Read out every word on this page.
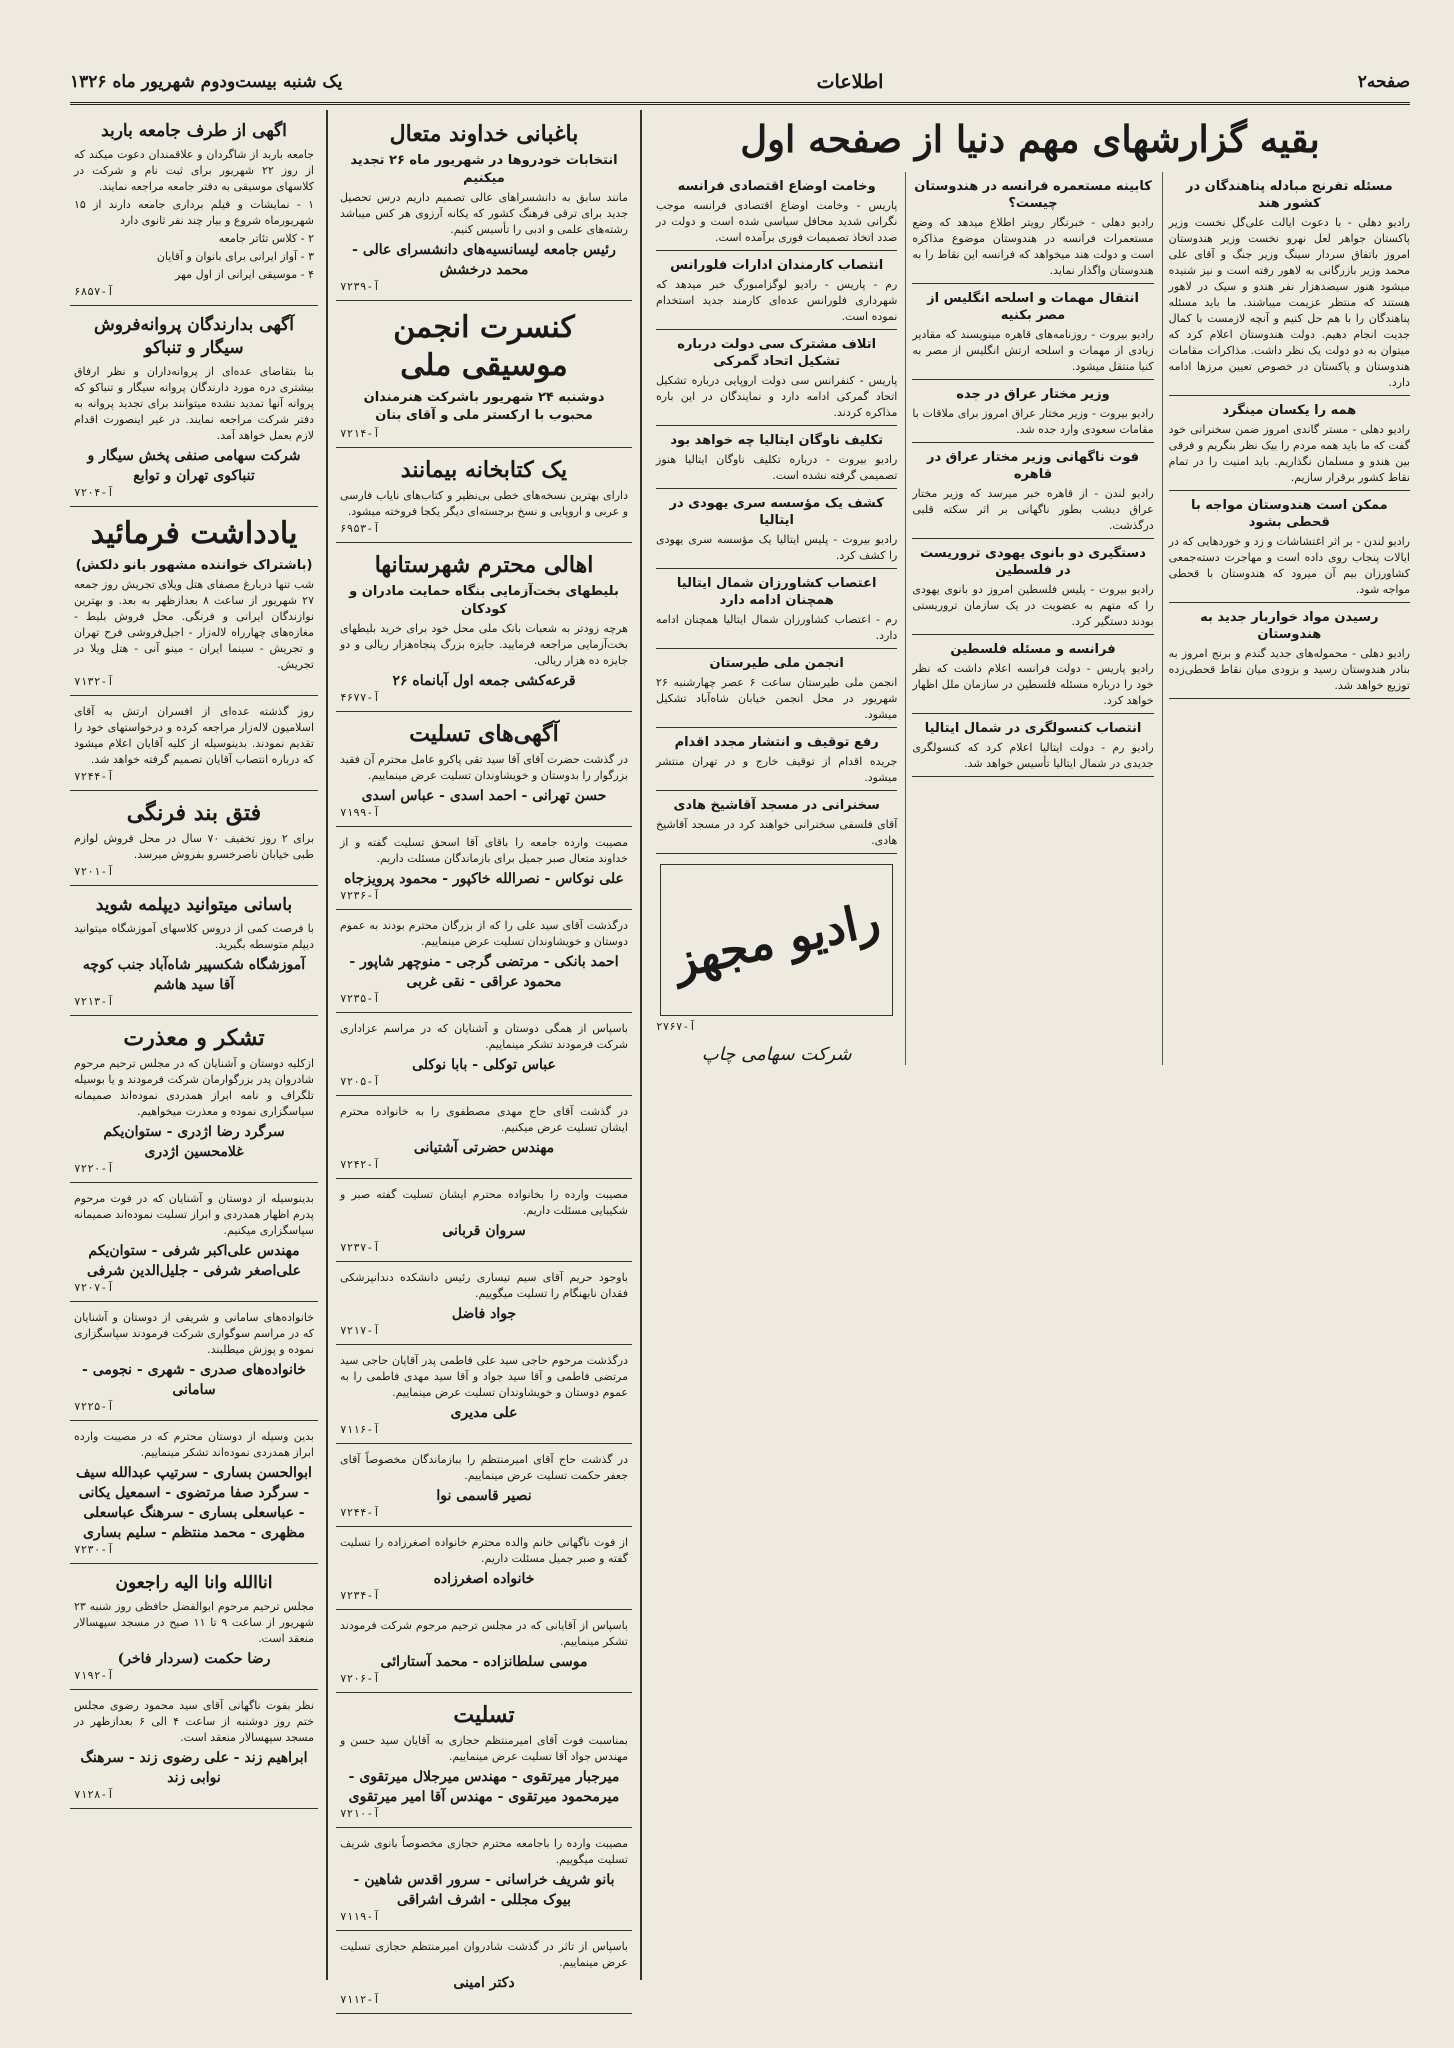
صفحه۲
اطلاعات
یک شنبه بیست‌ودوم شهریور ماه ۱۳۲۶
بقیه گزارشهای مهم دنیا از صفحه اول
مسئله تفرنج مبادله پناهندگان در کشور هند
رادیو دهلی - با دعوت ایالت علی‌گل نخست وزیر پاکستان جواهر لعل نهرو نخست وزیر هندوستان امروز باتفاق سردار سینگ وزیر جنگ و آقای علی محمد وزیر بازرگانی به لاهور رفته است و نیز شنیده میشود هنوز سیصدهزار نفر هندو و سیک در لاهور هستند که منتظر عزیمت میباشند. ما باید مسئله پناهندگان را با هم حل کنیم و آنچه لازمست با کمال جدیت انجام دهیم. دولت هندوستان اعلام کرد که میتوان به دو دولت یک نظر داشت. مذاکرات مقامات هندوستان و پاکستان در خصوص تعیین مرزها ادامه دارد.
همه را یکسان مینگرد
رادیو دهلی - مستر گاندی امروز ضمن سخنرانی خود گفت که ما باید همه مردم را بیک نظر بنگریم و فرقی بین هندو و مسلمان نگذاریم. باید امنیت را در تمام نقاط کشور برقرار سازیم.
ممکن است هندوستان مواجه با قحطی بشود
رادیو لندن - بر اثر اغتشاشات و زد و خوردهایی که در ایالات پنجاب روی داده است و مهاجرت دسته‌جمعی کشاورزان بیم آن میرود که هندوستان با قحطی مواجه شود.
رسیدن مواد خواربار جدید به هندوستان
رادیو دهلی - محموله‌های جدید گندم و برنج امروز به بنادر هندوستان رسید و بزودی میان نقاط قحطی‌زده توزیع خواهد شد.
کابینه مستعمره فرانسه در هندوستان چیست؟
رادیو دهلی - خبرنگار رویتر اطلاع میدهد که وضع مستعمرات فرانسه در هندوستان موضوع مذاکره است و دولت هند میخواهد که فرانسه این نقاط را به هندوستان واگذار نماید.
انتقال مهمات و اسلحه انگلیس از مصر بکنیه
رادیو بیروت - روزنامه‌های قاهره مینویسند که مقادیر زیادی از مهمات و اسلحه ارتش انگلیس از مصر به کنیا منتقل میشود.
وزیر مختار عراق در جده
رادیو بیروت - وزیر مختار عراق امروز برای ملاقات با مقامات سعودی وارد جده شد.
فوت ناگهانی وزیر مختار عراق در قاهره
رادیو لندن - از قاهره خبر میرسد که وزیر مختار عراق دیشب بطور ناگهانی بر اثر سکته قلبی درگذشت.
دستگیری دو بانوی یهودی تروریست در فلسطین
رادیو بیروت - پلیس فلسطین امروز دو بانوی یهودی را که متهم به عضویت در یک سازمان تروریستی بودند دستگیر کرد.
فرانسه و مسئله فلسطین
رادیو پاریس - دولت فرانسه اعلام داشت که نظر خود را درباره مسئله فلسطین در سازمان ملل اظهار خواهد کرد.
انتصاب کنسولگری در شمال ایتالیا
رادیو رم - دولت ایتالیا اعلام کرد که کنسولگری جدیدی در شمال ایتالیا تأسیس خواهد شد.
وخامت اوضاع اقتصادی فرانسه
پاریس - وخامت اوضاع اقتصادی فرانسه موجب نگرانی شدید محافل سیاسی شده است و دولت در صدد اتخاذ تصمیمات فوری برآمده است.
انتصاب کارمندان ادارات فلورانس
رم - پاریس - رادیو لوگزامبورگ خبر میدهد که شهرداری فلورانس عده‌ای کارمند جدید استخدام نموده است.
اتلاف مشترک سی دولت درباره تشکیل اتحاد گمرکی
پاریس - کنفرانس سی دولت اروپایی درباره تشکیل اتحاد گمرکی ادامه دارد و نمایندگان در این باره مذاکره کردند.
تکلیف ناوگان ایتالیا چه خواهد بود
رادیو بیروت - درباره تکلیف ناوگان ایتالیا هنوز تصمیمی گرفته نشده است.
کشف یک مؤسسه سری یهودی در ایتالیا
رادیو بیروت - پلیس ایتالیا یک مؤسسه سری یهودی را کشف کرد.
اعتصاب کشاورزان شمال ایتالیا همچنان ادامه دارد
رم - اعتصاب کشاورزان شمال ایتالیا همچنان ادامه دارد.
انجمن ملی طیرستان
انجمن ملی طیرستان ساعت ۶ عصر چهارشنبه ۲۶ شهریور در محل انجمن خیابان شاه‌آباد تشکیل میشود.
رفع توقیف و انتشار مجدد اقدام
جریده اقدام از توقیف خارج و در تهران منتشر میشود.
سخنرانی در مسجد آقاشیخ هادی
آقای فلسفی سخنرانی خواهند کرد در مسجد آقاشیخ هادی.
رادیو مجهز
آ-۲۷۶۷
شرکت سهامی چاپ
باغبانی خداوند متعال
انتخابات خودروها در شهریور ماه ۲۶ تجدید میکنیم
مانند سابق به دانشسراهای عالی تصمیم داریم درس تحصیل جدید برای ترقی فرهنگ کشور که یکانه آرزوی هر کس میباشد رشته‌های علمی و ادبی را تأسیس کنیم.
رئیس جامعه لیسانسیه‌های دانشسرای عالی - محمد درخشش
آ-۷۲۳۹
کنسرت انجمن موسیقی ملی
دوشنبه ۲۴ شهریور باشرکت هنرمندان محبوب با ارکستر ملی و آقای بنان
آ-۷۲۱۴
یک کتابخانه بیمانند
دارای بهترین نسخه‌های خطی بی‌نظیر و کتاب‌های نایاب فارسی و عربی و اروپایی و نسخ برجسته‌ای دیگر یکجا فروخته میشود.
آ-۶۹۵۳
اهالی محترم شهرستانها
بلیطهای بخت‌آزمایی بنگاه حمایت مادران و کودکان
هرچه زودتر به شعبات بانک ملی محل خود برای خرید بلیطهای بخت‌آزمایی مراجعه فرمایید. جایزه بزرگ پنجاه‌هزار ریالی و دو جایزه ده هزار ریالی.
قرعه‌کشی جمعه اول آبانماه ۲۶
آ-۴۶۷۷
آگهی‌های تسلیت
در گذشت حضرت آقای آقا سید تقی پاکرو عامل محترم آن فقید بزرگوار را بدوستان و خویشاوندان تسلیت عرض مینماییم.
حسن تهرانی - احمد اسدی - عباس اسدی
آ-۷۱۹۹
مصیبت وارده جامعه را باقای آقا اسحق تسلیت گفته و از خداوند متعال صبر جمیل برای بازماندگان مسئلت داریم.
علی نوکاس - نصرالله خاکپور - محمود پرویزجاه
آ-۷۲۳۶
درگذشت آقای سید علی را که از بزرگان محترم بودند به عموم دوستان و خویشاوندان تسلیت عرض مینماییم.
احمد بانکی - مرتضی گرجی - منوچهر شاپور - محمود عراقی - نقی غربی
آ-۷۲۳۵
باسپاس از همگی دوستان و آشنایان که در مراسم عزاداری شرکت فرمودند تشکر مینماییم.
عباس توکلی - بابا نوکلی
آ-۷۲۰۵
در گذشت آقای حاج مهدی مصطفوی را به خانواده محترم ایشان تسلیت عرض میکنیم.
مهندس حضرتی آشتیانی
آ-۷۲۴۲
مصیبت وارده را بخانواده محترم ایشان تسلیت گفته صبر و شکیبایی مسئلت داریم.
سروان قربانی
آ-۷۲۳۷
باوجود حریم آقای سیم تیساری رئیس دانشکده دندانپزشکی فقدان نابهنگام را تسلیت میگوییم.
جواد فاضل
آ-۷۲۱۷
درگذشت مرحوم حاجی سید علی فاطمی پدر آقایان حاجی سید مرتضی فاطمی و آقا سید جواد و آقا سید مهدی فاطمی را به عموم دوستان و خویشاوندان تسلیت عرض مینماییم.
علی مدیری
آ-۷۱۱۶
در گذشت حاج آقای امیرمنتظم را ببازماندگان مخصوصاً آقای جعفر حکمت تسلیت عرض مینماییم.
نصیر قاسمی نوا
آ-۷۲۴۴
از فوت ناگهانی خانم والده محترم خانواده اصغرزاده را تسلیت گفته و صبر جمیل مسئلت داریم.
خانواده اصغرزاده
آ-۷۲۳۴
باسپاس از آقایانی که در مجلس ترحیم مرحوم شرکت فرمودند تشکر مینماییم.
موسی سلطانزاده - محمد آستارائی
آ-۷۲۰۶
تسلیت
بمناسبت فوت آقای امیرمنتظم حجازی به آقایان سید حسن و مهندس جواد آقا تسلیت عرض مینماییم.
میرجبار میرتقوی - مهندس میرجلال میرتقوی - میرمحمود میرتقوی - مهندس آقا امیر میرتقوی
آ-۷۲۱۰
مصیبت وارده را باجامعه محترم حجازی مخصوصاً بانوی شریف تسلیت میگوییم.
بانو شریف خراسانی - سرور اقدس شاهین - بیوک مجللی - اشرف اشراقی
آ-۷۱۱۹
باسپاس از تاثر در گذشت شادروان امیرمنتظم حجازی تسلیت عرض مینماییم.
دکتر امینی
آ-۷۱۱۲
اگهی از طرف جامعه باربد
جامعه باربد از شاگردان و علاقمندان دعوت میکند که از روز ۲۲ شهریور برای ثبت نام و شرکت در کلاسهای موسیقی به دفتر جامعه مراجعه نمایند.
۱ - نمایشات و فیلم برداری جامعه دارند از ۱۵ شهریورماه شروع و بیار چند نفر ثانوی دارد
۲ - کلاس تئاتر جامعه
۳ - آواز ایرانی برای بانوان و آقایان
۴ - موسیقی ایرانی از اول مهر
آ-۶۸۵۷
آگهی بدارندگان پروانه‌فروش سیگار و تنباکو
بنا بتقاضای عده‌ای از پروانه‌داران و نظر ارفاق بیشتری دره‌ مورد دارندگان پروانه سیگار و تنباکو که پروانه آنها تمدید نشده میتوانند برای تجدید پروانه به دفتر شرکت مراجعه نمایند. در غیر اینصورت اقدام لازم بعمل خواهد آمد.
شرکت سهامی صنفی پخش سیگار و تنباکوی تهران و توابع
آ-۷۲۰۴
یادداشت فرمائید
(باشتراک خواننده مشهور بانو دلکش)
شب تنها دربارغ مصفای هتل ویلای تجریش روز جمعه ۲۷ شهریور از ساعت ۸ بعدازظهر به بعد. و بهترین نوازندگان ایرانی و فرنگی. محل فروش بلیط - مغازه‌های چهارراه لاله‌زار - اجیل‌فروشی فرح تهران و تجریش - سینما ایران - مینو آنی - هتل ویلا در تجریش.
آ-۷۱۳۲
روز گذشته عده‌ای از افسران ارتش به آقای اسلامیون لاله‌زار مراجعه کرده و درخواستهای خود را تقدیم نمودند. بدینوسیله از کلیه آقایان اعلام میشود که درباره انتصاب آقایان تصمیم گرفته خواهد شد.
آ-۷۲۴۴
فتق بند فرنگی
برای ۲ روز تخفیف ۷۰ سال در محل فروش لوازم طبی خیابان ناصرخسرو بفروش میرسد.
آ-۷۲۰۱
باسانی میتوانید دیپلمه شوید
با فرصت کمی از دروس کلاسهای آموزشگاه میتوانید دیپلم متوسطه بگیرید.
آموزشگاه شکسپیر شاه‌آباد جنب کوچه آقا سید هاشم
آ-۷۲۱۳
تشکر و معذرت
ازکلیه دوستان و آشنایان که در مجلس ترحیم مرحوم شادروان پدر بزرگوارمان شرکت فرمودند و یا بوسیله تلگراف و نامه ابراز همدردی نموده‌اند صمیمانه سپاسگزاری نموده و معذرت میخواهیم.
سرگرد رضا اژدری - ستوان‌یکم غلامحسین اژدری
آ-۷۲۲۰
بدینوسیله از دوستان و آشنایان که در فوت مرحوم پدرم اظهار همدردی و ابراز تسلیت نموده‌اند صمیمانه سپاسگزاری میکنیم.
مهندس علی‌اکبر شرفی - ستوان‌یکم علی‌اصغر شرفی - جلیل‌الدین شرفی
آ-۷۲۰۷
خانواده‌های سامانی و شریفی از دوستان و آشنایان که در مراسم سوگواری شرکت فرمودند سپاسگزاری نموده و پوزش میطلبند.
خانواده‌های صدری - شهری - نجومی - سامانی
آ-۷۲۲۵
بدین وسیله از دوستان محترم که در مصیبت وارده ابراز همدردی نموده‌اند تشکر مینماییم.
ابوالحسن بساری - سرتیپ عبدالله سیف - سرگرد صفا مرتضوی - اسمعیل یکانی - عباسعلی بساری - سرهنگ عباسعلی مظهری - محمد منتظم - سلیم بساری
آ-۷۲۳۰
اناالله وانا الیه راجعون
مجلس ترحیم مرحوم ابوالفضل حافظی روز شنبه ۲۳ شهریور از ساعت ۹ تا ۱۱ صبح در مسجد سپهسالار منعقد است.
رضا حکمت (سردار فاخر)
آ-۷۱۹۲
نظر بفوت ناگهانی آقای سید محمود رضوی مجلس ختم روز دوشنبه از ساعت ۴ الی ۶ بعدازظهر در مسجد سپهسالار منعقد است.
ابراهیم زند - علی رضوی زند - سرهنگ نوابی زند
آ-۷۱۲۸
